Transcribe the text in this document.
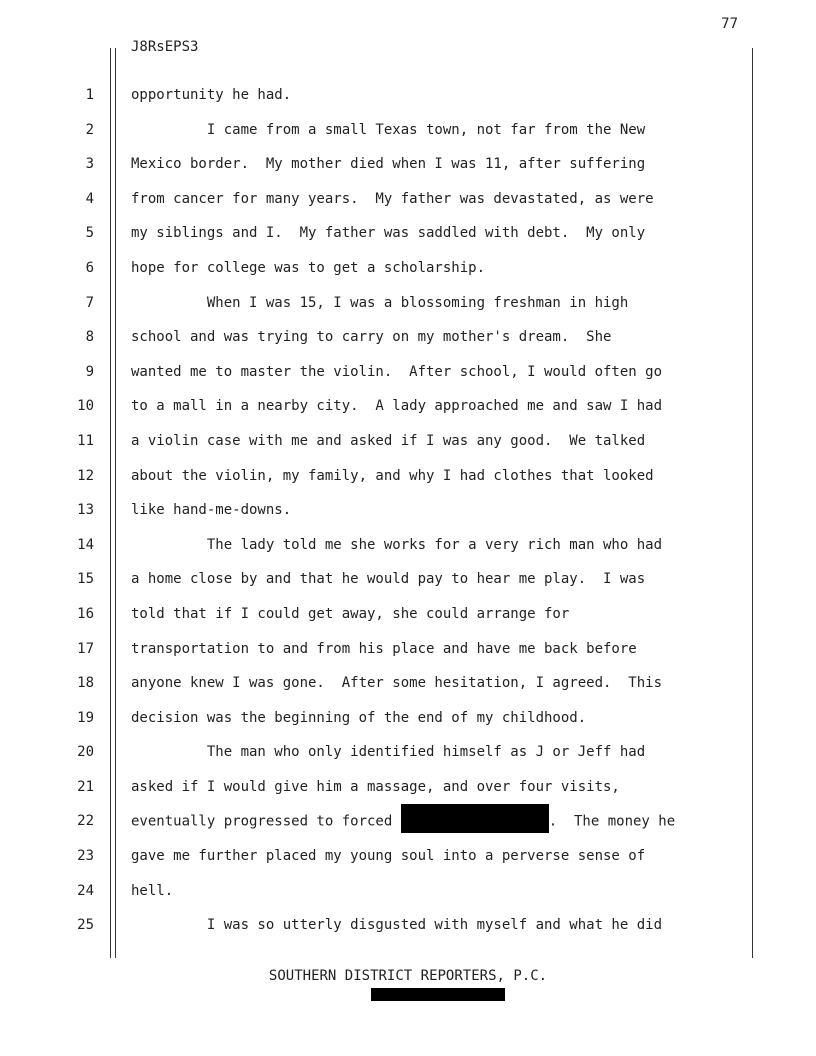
77
J8RsEPS3
1
2
3
4
5
6
7
8
9
10
11
12
13
14
15
16
17
18
19
20
21
22
23
24
25
opportunity he had.
I came from a small Texas town, not far from the New
Mexico border.  My mother died when I was 11, after suffering
from cancer for many years.  My father was devastated, as were
my siblings and I.  My father was saddled with debt.  My only
hope for college was to get a scholarship.
When I was 15, I was a blossoming freshman in high
school and was trying to carry on my mother's dream.  She
wanted me to master the violin.  After school, I would often go
to a mall in a nearby city.  A lady approached me and saw I had
a violin case with me and asked if I was any good.  We talked
about the violin, my family, and why I had clothes that looked
like hand-me-downs.
The lady told me she works for a very rich man who had
a home close by and that he would pay to hear me play.  I was
told that if I could get away, she could arrange for
transportation to and from his place and have me back before
anyone knew I was gone.  After some hesitation, I agreed.  This
decision was the beginning of the end of my childhood.
The man who only identified himself as J or Jeff had
asked if I would give him a massage, and over four visits,
eventually progressed to forced	.  The money he
gave me further placed my young soul into a perverse sense of
hell.
I was so utterly disgusted with myself and what he did
SOUTHERN DISTRICT REPORTERS, P.C.
